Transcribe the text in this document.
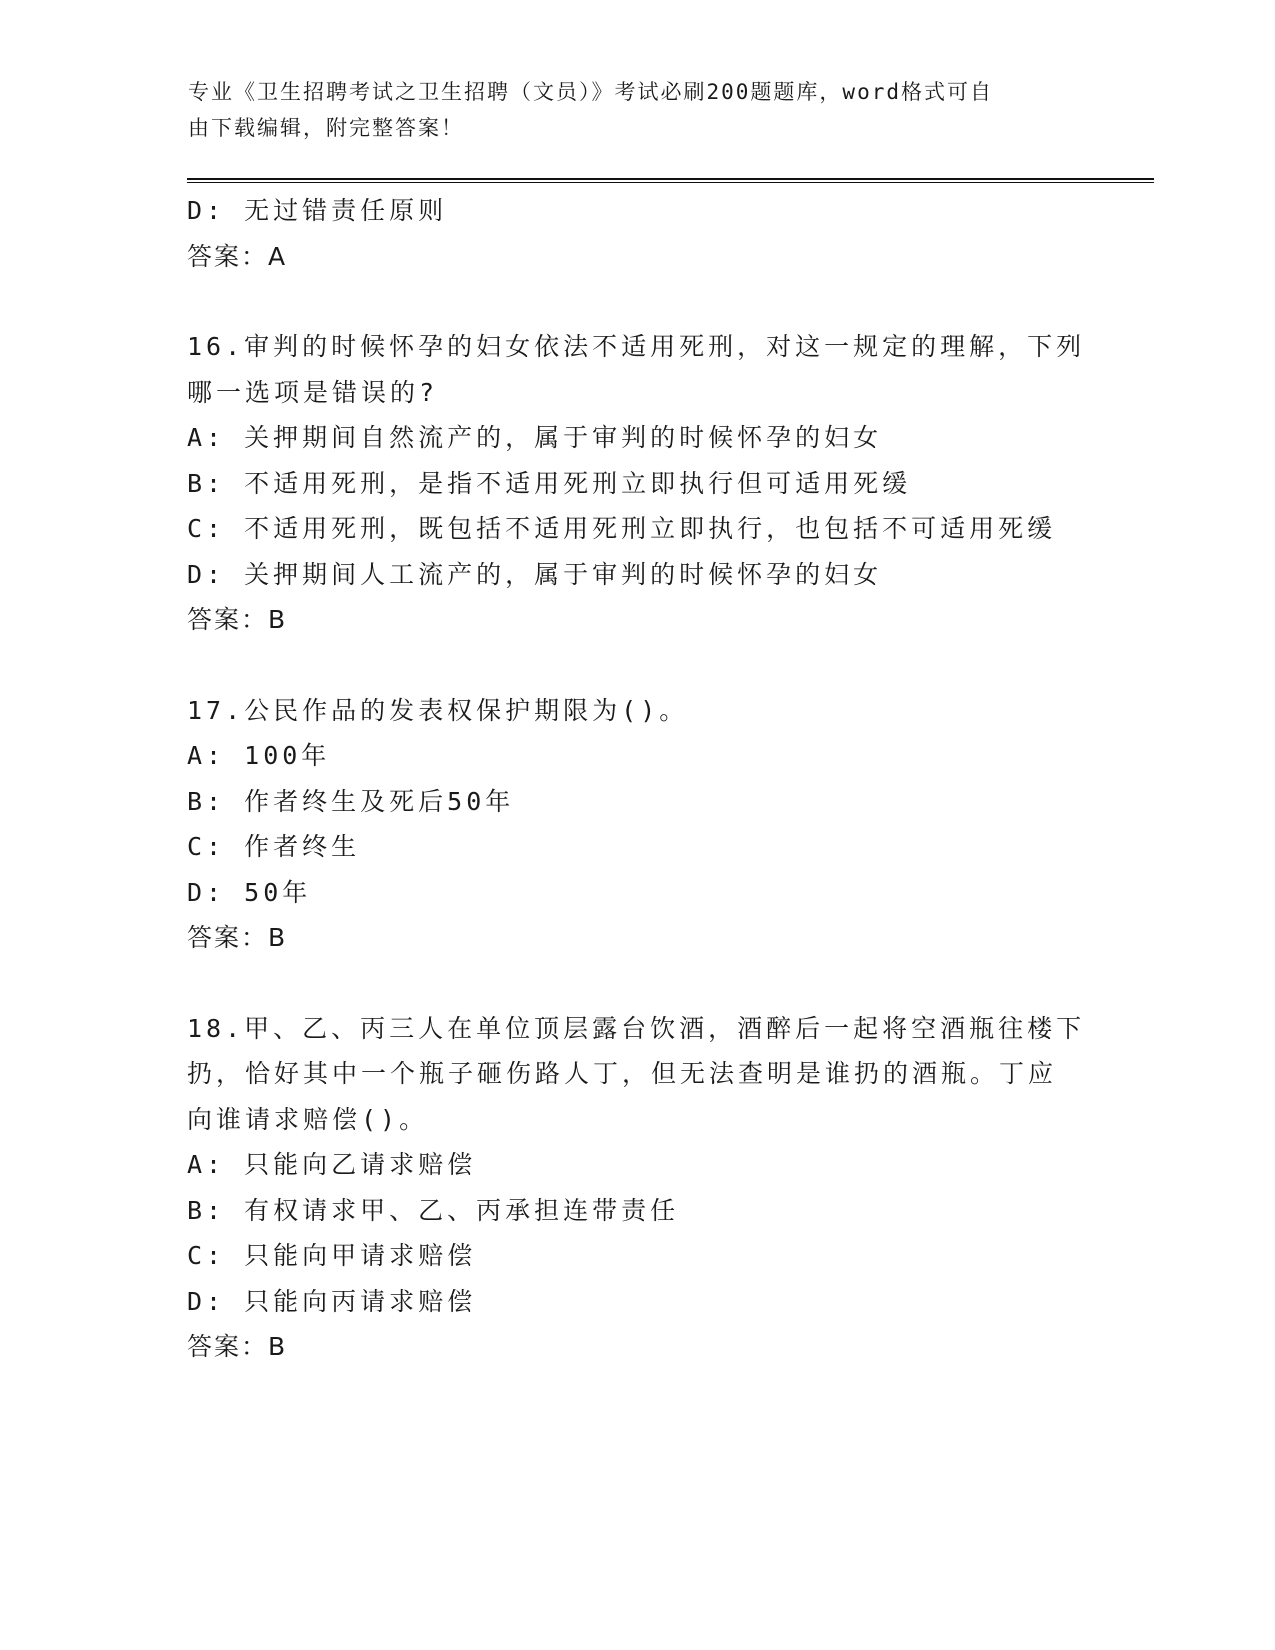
专业《卫生招聘考试之卫生招聘（文员）》考试必刷200题题库，word格式可自
由下载编辑，附完整答案！
D: 无过错责任原则
答案：A
16.审判的时候怀孕的妇女依法不适用死刑，对这一规定的理解，下列
哪一选项是错误的?
A: 关押期间自然流产的，属于审判的时候怀孕的妇女
B: 不适用死刑，是指不适用死刑立即执行但可适用死缓
C: 不适用死刑，既包括不适用死刑立即执行，也包括不可适用死缓
D: 关押期间人工流产的，属于审判的时候怀孕的妇女
答案：B
17.公民作品的发表权保护期限为()。
A: 100年
B: 作者终生及死后50年
C: 作者终生
D: 50年
答案：B
18.甲、乙、丙三人在单位顶层露台饮酒，酒醉后一起将空酒瓶往楼下
扔，恰好其中一个瓶子砸伤路人丁，但无法查明是谁扔的酒瓶。丁应
向谁请求赔偿()。
A: 只能向乙请求赔偿
B: 有权请求甲、乙、丙承担连带责任
C: 只能向甲请求赔偿
D: 只能向丙请求赔偿
答案：B
